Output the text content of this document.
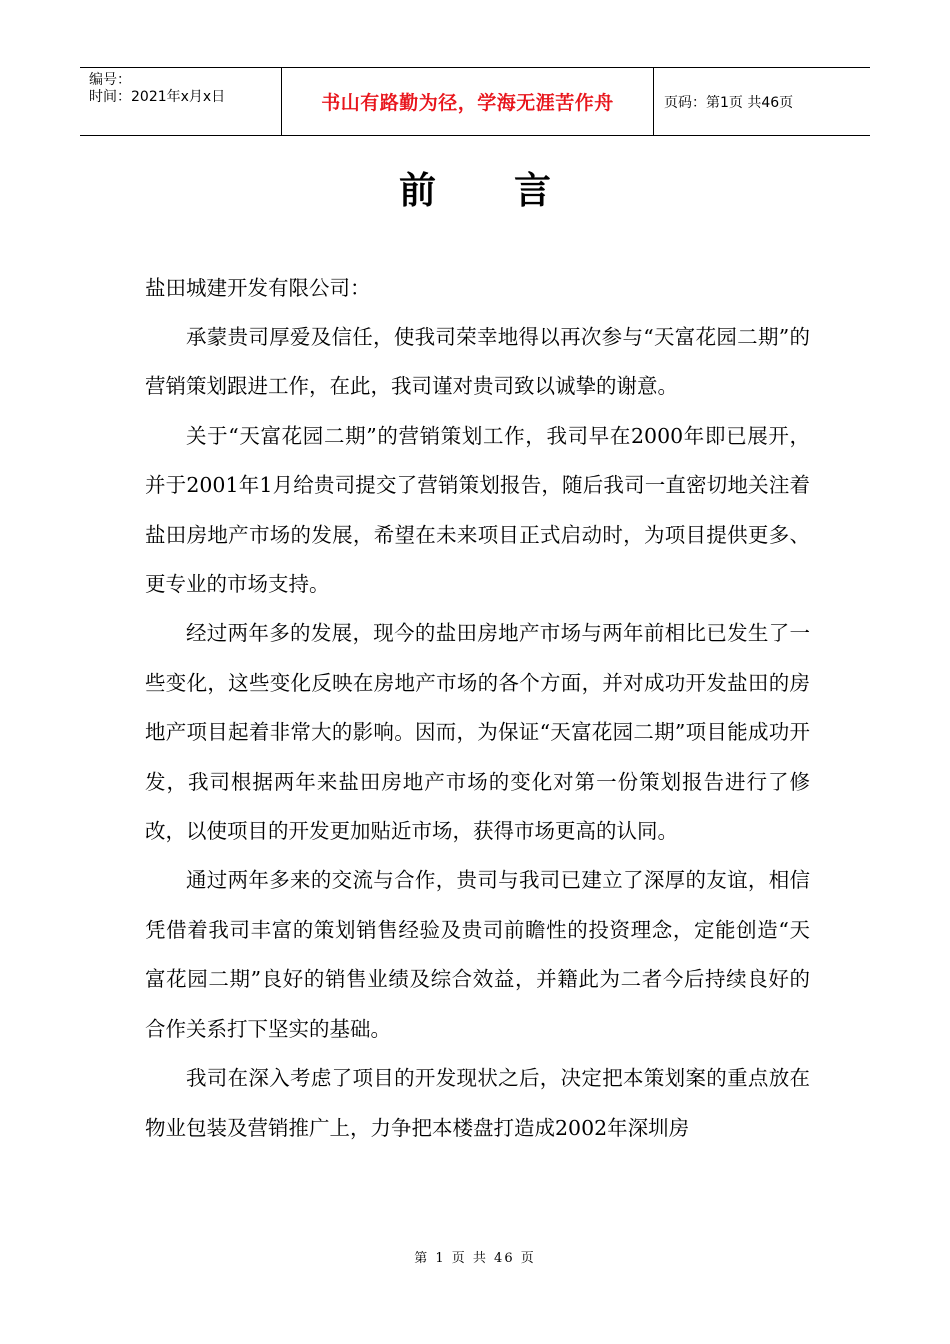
编号：
时间：2021年x月x日	书山有路勤为径，学海无涯苦作舟	页码：第1页 共46页
前言

盐田城建开发有限公司：

承蒙贵司厚爱及信任，使我司荣幸地得以再次参与“天富花园二期”的营销策划跟进工作，在此，我司谨对贵司致以诚挚的谢意。

关于“天富花园二期”的营销策划工作，我司早在2000年即已展开，并于2001年1月给贵司提交了营销策划报告，随后我司一直密切地关注着盐田房地产市场的发展，希望在未来项目正式启动时，为项目提供更多、更专业的市场支持。

经过两年多的发展，现今的盐田房地产市场与两年前相比已发生了一些变化，这些变化反映在房地产市场的各个方面，并对成功开发盐田的房地产项目起着非常大的影响。因而，为保证“天富花园二期”项目能成功开发，我司根据两年来盐田房地产市场的变化对第一份策划报告进行了修改，以使项目的开发更加贴近市场，获得市场更高的认同。

通过两年多来的交流与合作，贵司与我司已建立了深厚的友谊，相信凭借着我司丰富的策划销售经验及贵司前瞻性的投资理念，定能创造“天富花园二期”良好的销售业绩及综合效益，并籍此为二者今后持续良好的合作关系打下坚实的基础。

我司在深入考虑了项目的开发现状之后，决定把本策划案的重点放在物业包装及营销推广上，力争把本楼盘打造成2002年深圳房

第 1 页 共 46 页
